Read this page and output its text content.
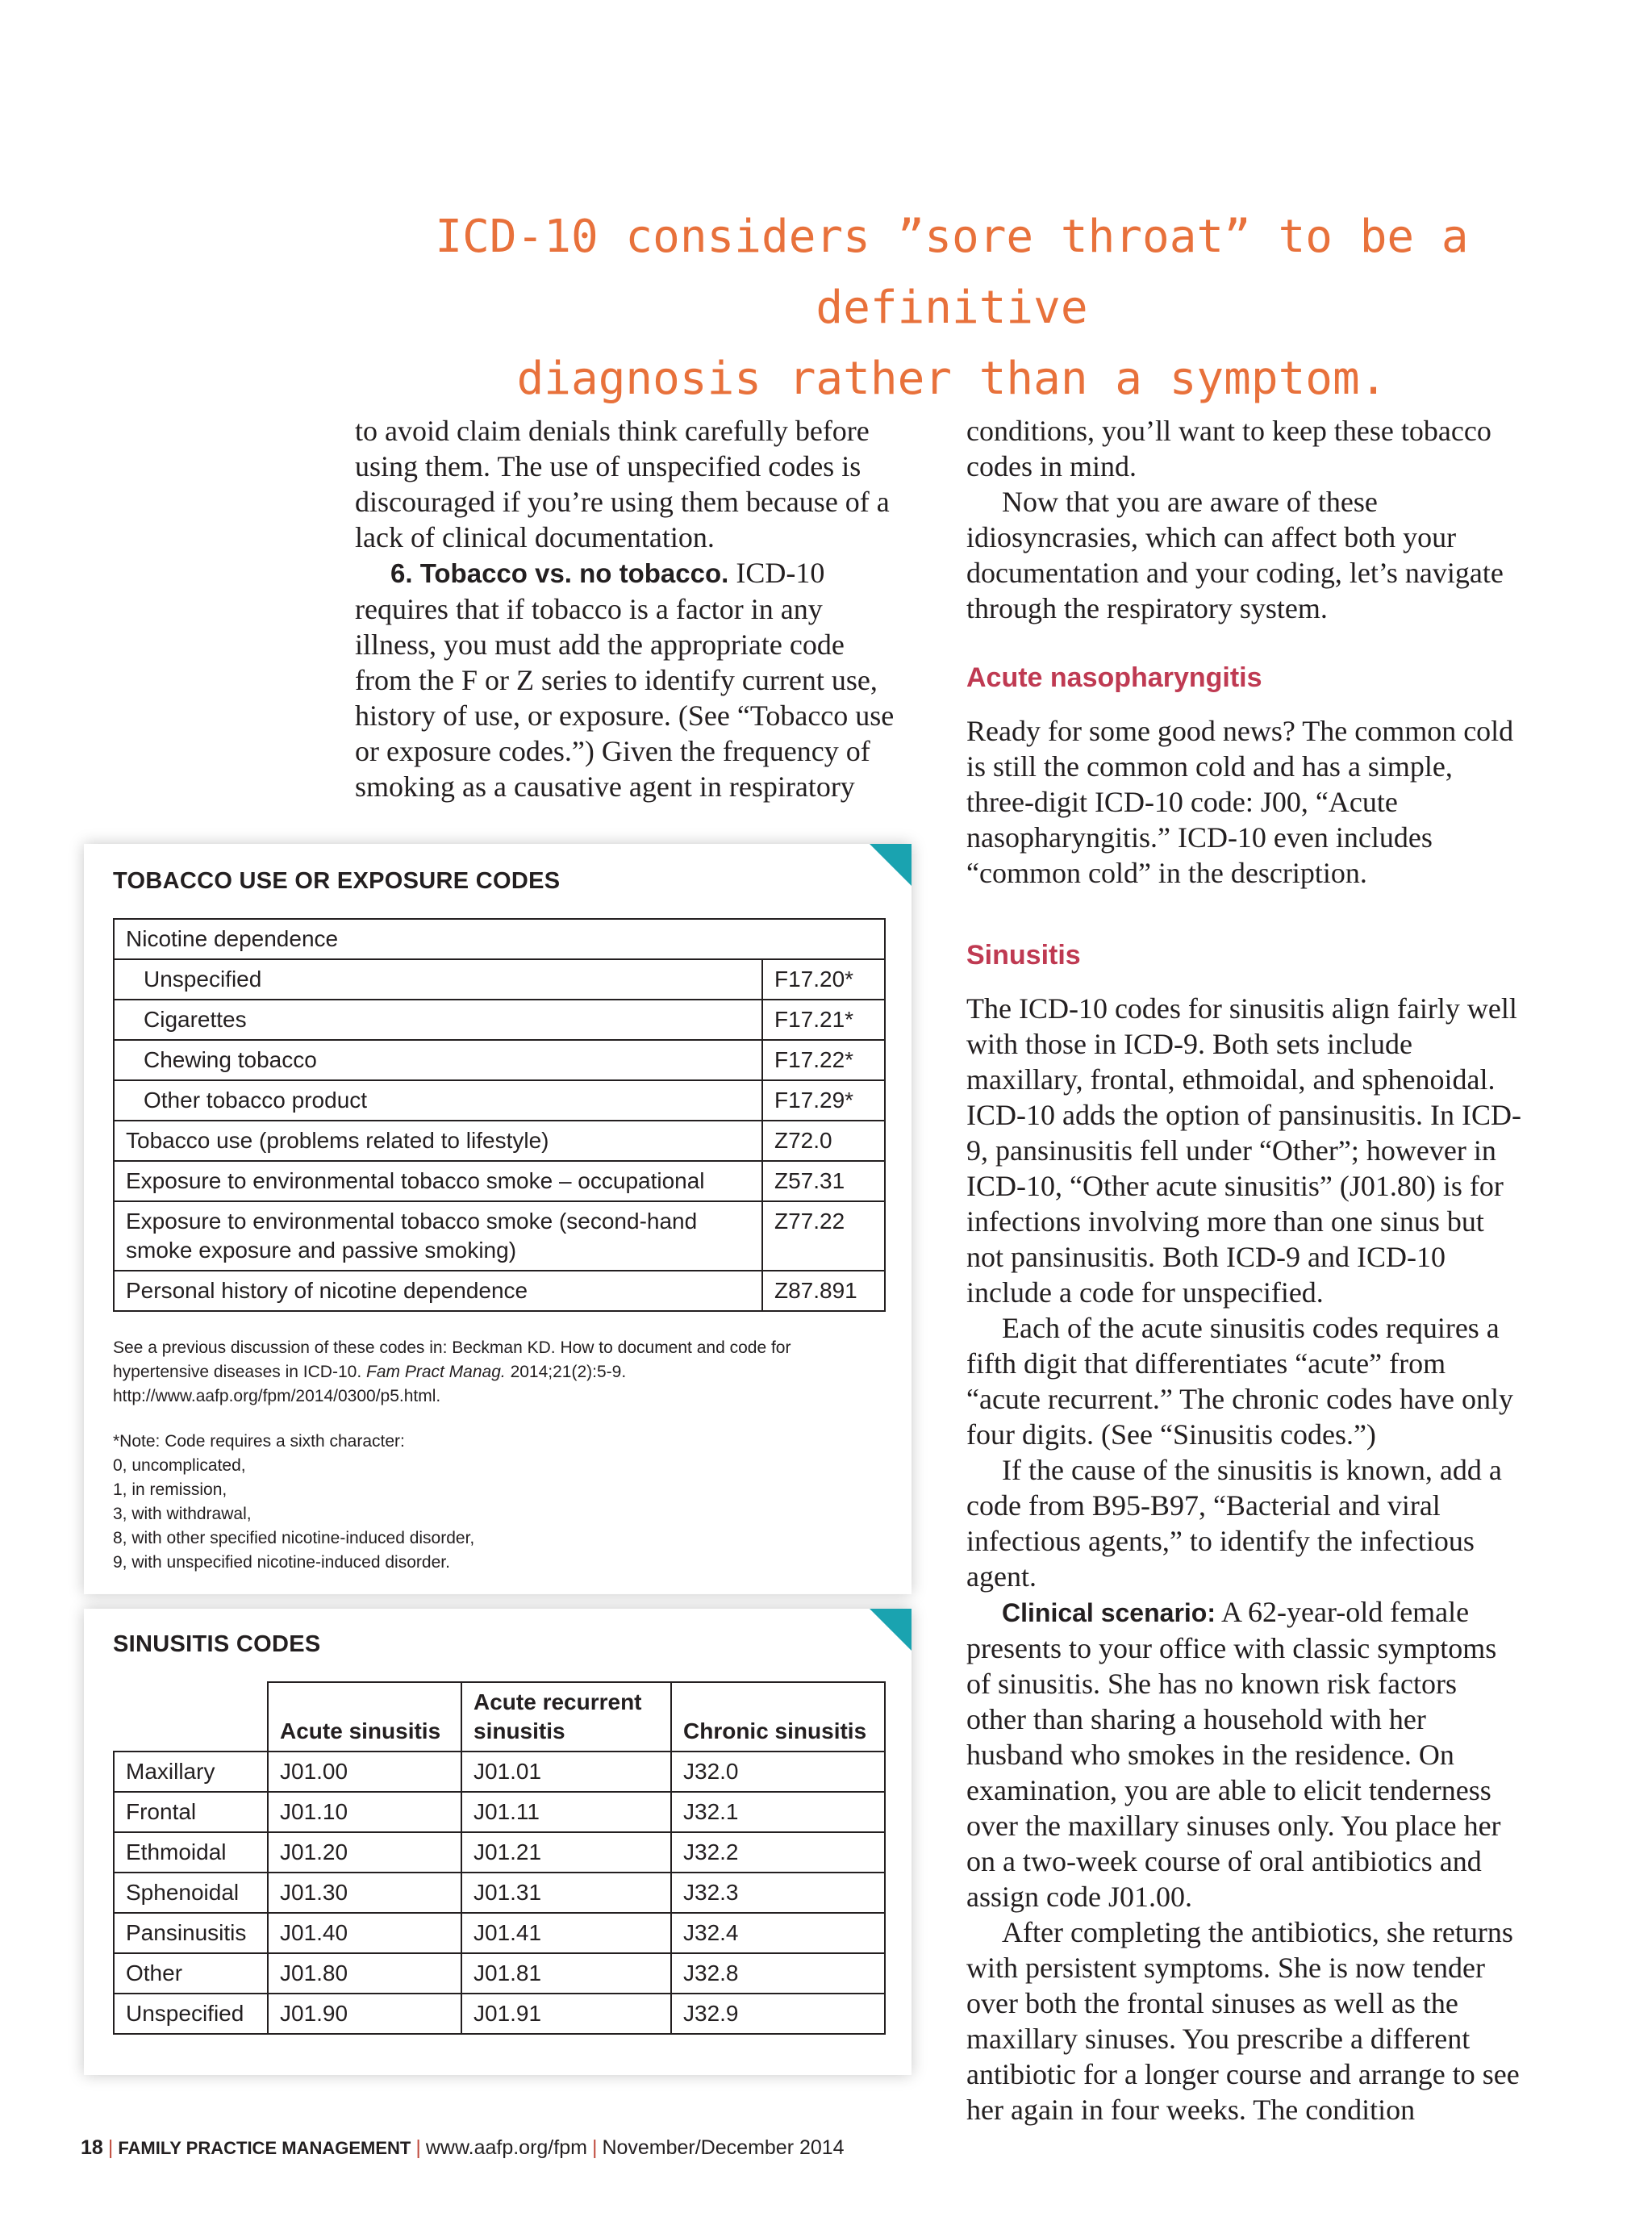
ICD-10 considers ”sore throat” to be a definitive
diagnosis rather than a symptom.

to avoid claim denials think carefully before using them. The use of unspecified codes is discouraged if you’re using them because of a lack of clinical documentation.

6. Tobacco vs. no tobacco. ICD-10 requires that if tobacco is a factor in any illness, you must add the appropriate code from the F or Z series to identify current use, history of use, or exposure. (See “Tobacco use or exposure codes.”) Given the frequency of smoking as a causative agent in respiratory

conditions, you’ll want to keep these tobacco codes in mind.

Now that you are aware of these idiosyncrasies, which can affect both your documentation and your coding, let’s navigate through the respiratory system.

Acute nasopharyngitis

Ready for some good news? The common cold is still the common cold and has a simple, three-digit ICD-10 code: J00, “Acute nasopharyngitis.” ICD-10 even includes “common cold” in the description.

Sinusitis

The ICD-10 codes for sinusitis align fairly well with those in ICD-9. Both sets include maxillary, frontal, ethmoidal, and sphenoidal. ICD-10 adds the option of pansinusitis. In ICD-9, pansinusitis fell under “Other”; however in ICD-10, “Other acute sinusitis” (J01.80) is for infections involving more than one sinus but not pansinusitis. Both ICD-9 and ICD-10 include a code for unspecified.

Each of the acute sinusitis codes requires a fifth digit that differentiates “acute” from “acute recurrent.” The chronic codes have only four digits. (See “Sinusitis codes.”)

If the cause of the sinusitis is known, add a code from B95-B97, “Bacterial and viral infectious agents,” to identify the infectious agent.

Clinical scenario: A 62-year-old female presents to your office with classic symptoms of sinusitis. She has no known risk factors other than sharing a household with her husband who smokes in the residence. On examination, you are able to elicit tenderness over the maxillary sinuses only. You place her on a two-week course of oral antibiotics and assign code J01.00.

After completing the antibiotics, she returns with persistent symptoms. She is now tender over both the frontal sinuses as well as the maxillary sinuses. You prescribe a different antibiotic for a longer course and arrange to see her again in four weeks. The condition

TOBACCO USE OR EXPOSURE CODES
Nicotine dependence	
Unspecified	F17.20*
Cigarettes	F17.21*
Chewing tobacco	F17.22*
Other tobacco product	F17.29*
Tobacco use (problems related to lifestyle)	Z72.0
Exposure to environmental tobacco smoke – occupational	Z57.31
Exposure to environmental tobacco smoke (second-hand smoke exposure and passive smoking)	Z77.22
Personal history of nicotine dependence	Z87.891
See a previous discussion of these codes in: Beckman KD. How to document and code for hypertensive diseases in ICD-10. Fam Pract Manag. 2014;21(2):5-9. http://www.aafp.org/fpm/2014/0300/p5.html.
*Note: Code requires a sixth character:
0, uncomplicated,
1, in remission,
3, with withdrawal,
8, with other specified nicotine-induced disorder,
9, with unspecified nicotine-induced disorder.
SINUSITIS CODES
	Acute sinusitis	Acute recurrent sinusitis	Chronic sinusitis
Maxillary	J01.00	J01.01	J32.0
Frontal	J01.10	J01.11	J32.1
Ethmoidal	J01.20	J01.21	J32.2
Sphenoidal	J01.30	J01.31	J32.3
Pansinusitis	J01.40	J01.41	J32.4
Other	J01.80	J01.81	J32.8
Unspecified	J01.90	J01.91	J32.9
18 | FAMILY PRACTICE MANAGEMENT | www.aafp.org/fpm | November/December 2014
